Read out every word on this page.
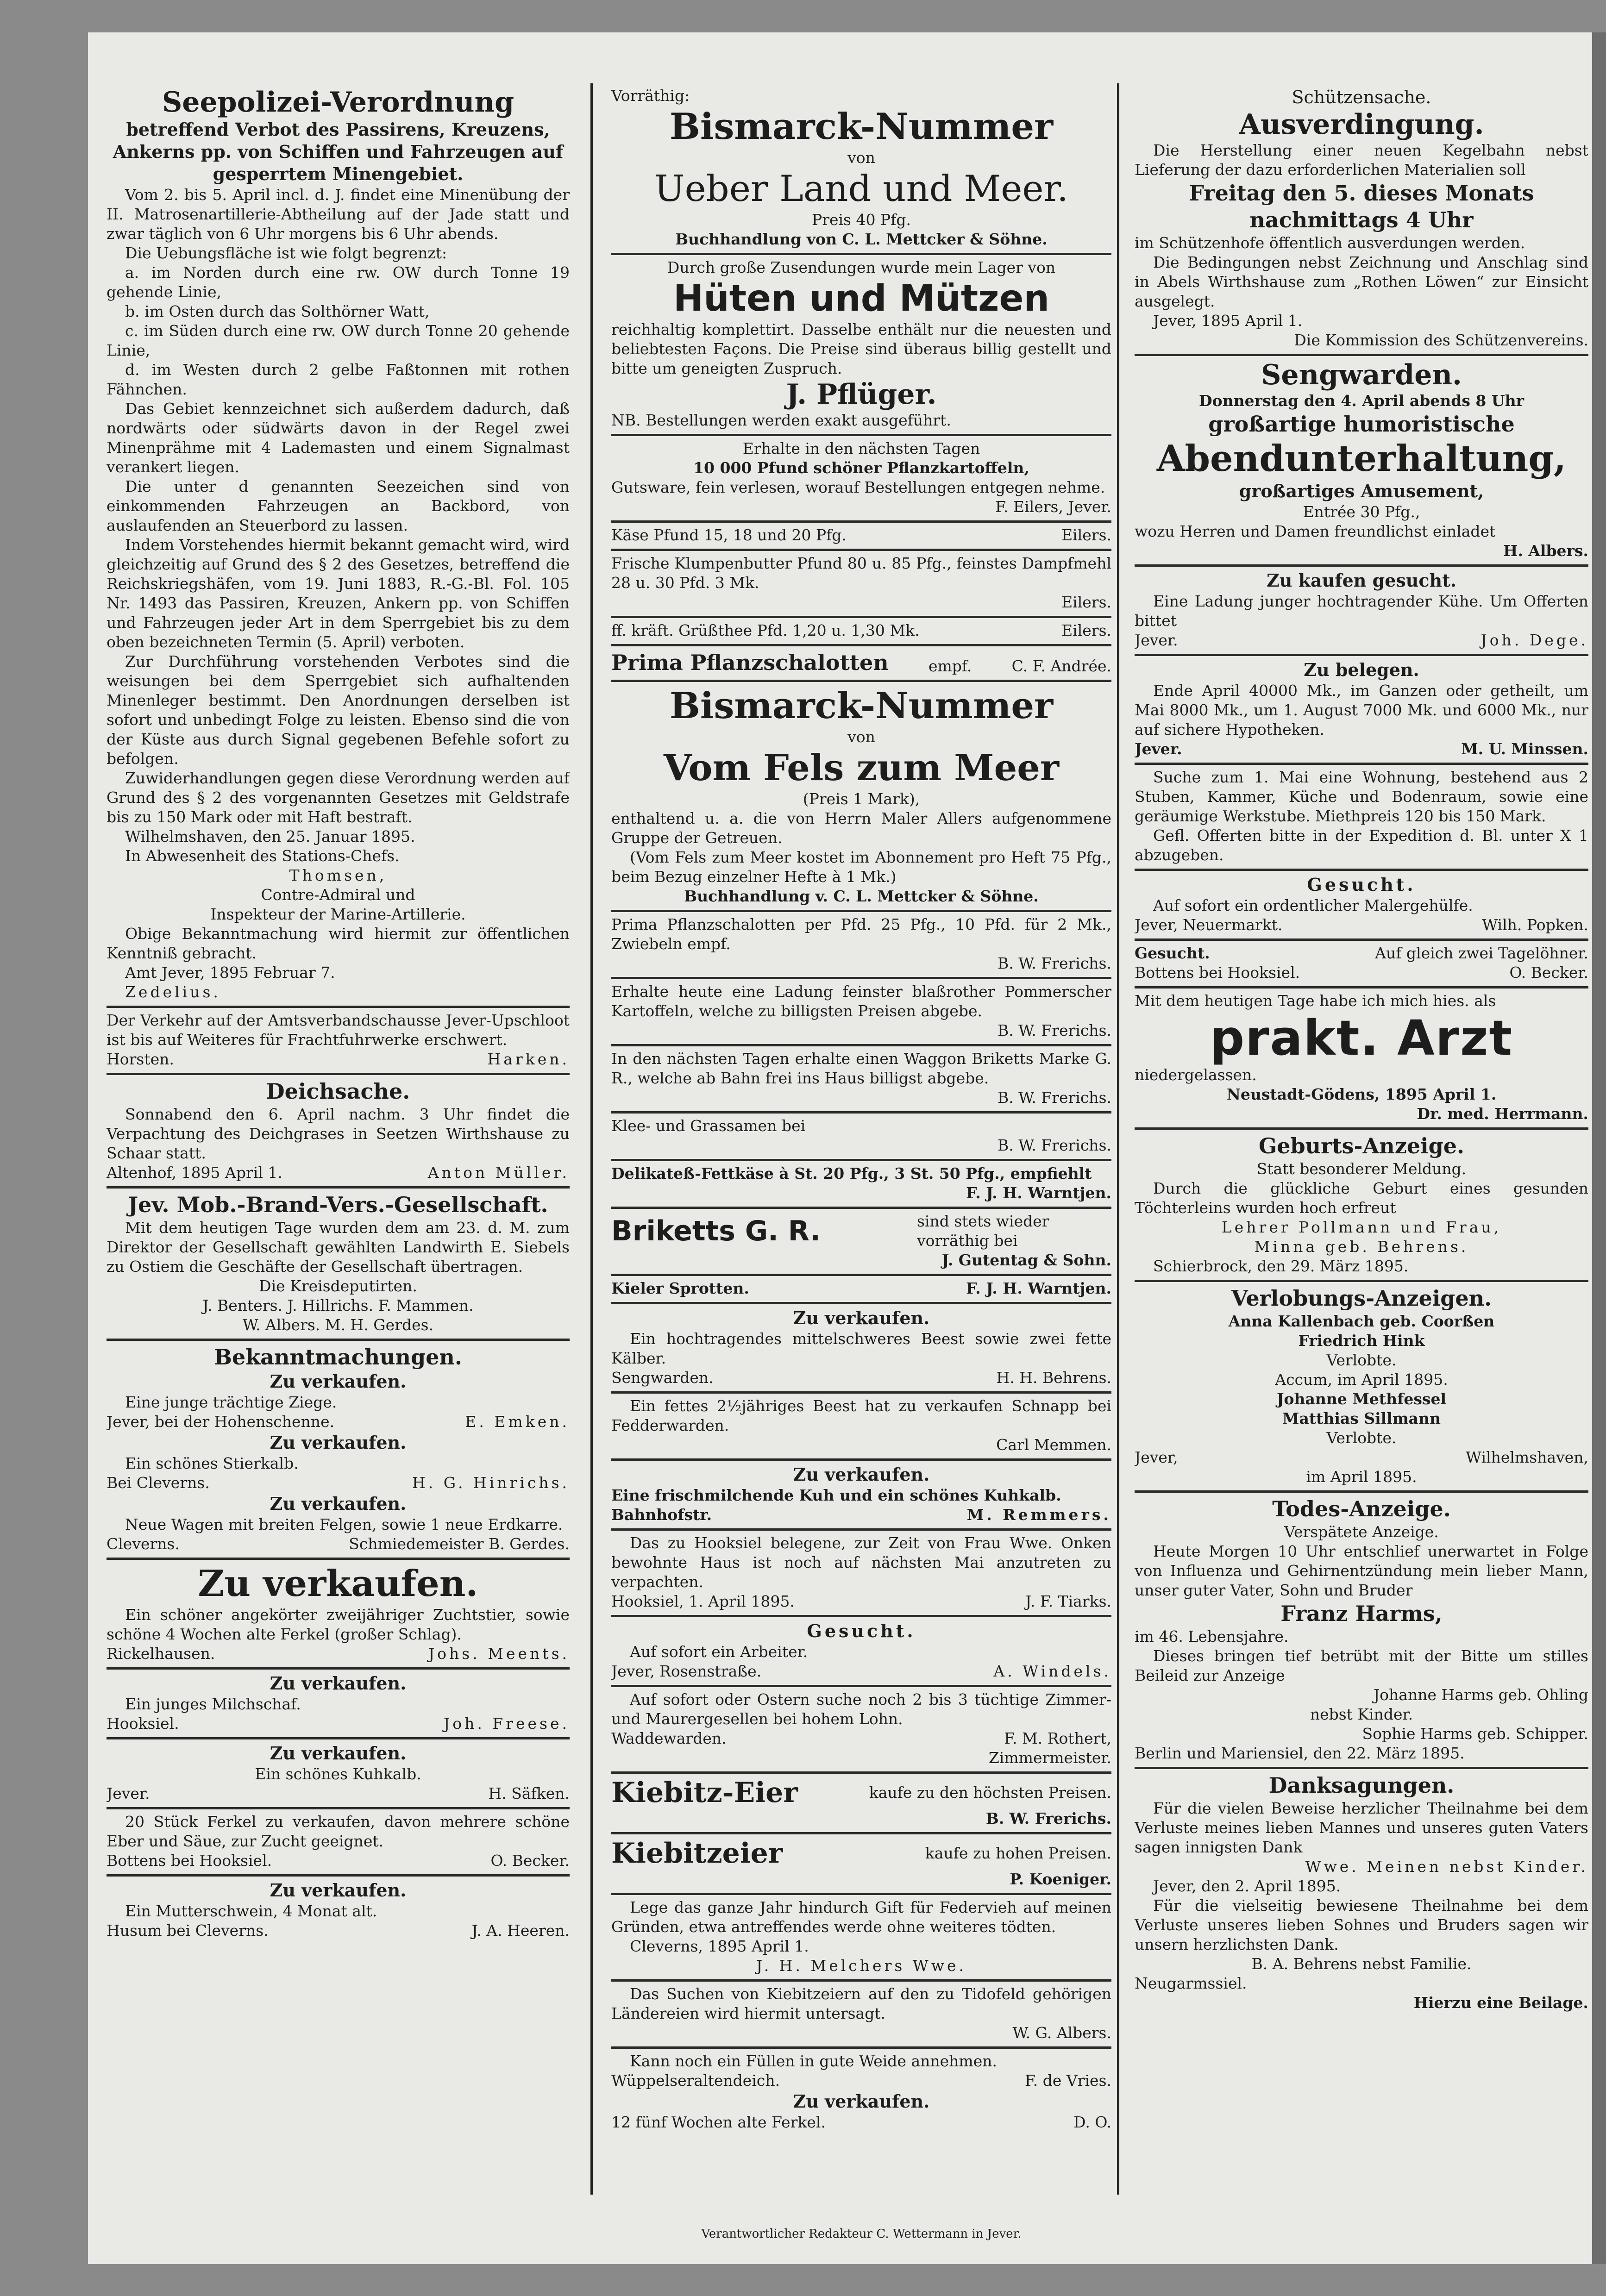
Seepolizei-Verordnung

betreffend Verbot des Passirens, Kreuzens, Ankerns pp. von Schiffen und Fahrzeugen auf gesperrtem Minengebiet.

Vom 2. bis 5. April incl. d. J. findet eine Minenübung der II. Matrosenartillerie-Abtheilung auf der Jade statt und zwar täglich von 6 Uhr morgens bis 6 Uhr abends.

Die Uebungsfläche ist wie folgt begrenzt:

a. im Norden durch eine rw. OW durch Tonne 19 gehende Linie,

b. im Osten durch das Solthörner Watt,

c. im Süden durch eine rw. OW durch Tonne 20 gehende Linie,

d. im Westen durch 2 gelbe Faßtonnen mit rothen Fähnchen.

Das Gebiet kennzeichnet sich außerdem dadurch, daß nordwärts oder südwärts davon in der Regel zwei Minenprähme mit 4 Lademasten und einem Signalmast verankert liegen.

Die unter d genannten Seezeichen sind von einkommenden Fahrzeugen an Backbord, von auslaufenden an Steuerbord zu lassen.

Indem Vorstehendes hiermit bekannt gemacht wird, wird gleichzeitig auf Grund des § 2 des Gesetzes, betreffend die Reichskriegshäfen, vom 19. Juni 1883, R.-G.-Bl. Fol. 105 Nr. 1493 das Passiren, Kreuzen, Ankern pp. von Schiffen und Fahrzeugen jeder Art in dem Sperrgebiet bis zu dem oben bezeichneten Termin (5. April) verboten.

Zur Durchführung vorstehenden Verbotes sind die weisungen bei dem Sperrgebiet sich aufhaltenden Minenleger bestimmt. Den Anordnungen derselben ist sofort und unbedingt Folge zu leisten. Ebenso sind die von der Küste aus durch Signal gegebenen Befehle sofort zu befolgen.

Zuwiderhandlungen gegen diese Verordnung werden auf Grund des § 2 des vorgenannten Gesetzes mit Geldstrafe bis zu 150 Mark oder mit Haft bestraft.

Wilhelmshaven, den 25. Januar 1895.

In Abwesenheit des Stations-Chefs.

Thomsen,

Contre-Admiral und

Inspekteur der Marine-Artillerie.

Obige Bekanntmachung wird hiermit zur öffentlichen Kenntniß gebracht.

Amt Jever, 1895 Februar 7.

Zedelius.

Der Verkehr auf der Amtsverbandschausse Jever-Upschloot ist bis auf Weiteres für Frachtfuhrwerke erschwert.

Horsten.	Harken.

Deichsache.

Sonnabend den 6. April nachm. 3 Uhr findet die Verpachtung des Deichgrases in Seetzen Wirthshause zu Schaar statt.

Altenhof, 1895 April 1.	Anton Müller.

Jev. Mob.-Brand-Vers.-Gesellschaft.

Mit dem heutigen Tage wurden dem am 23. d. M. zum Direktor der Gesellschaft gewählten Landwirth E. Siebels zu Ostiem die Geschäfte der Gesellschaft übertragen.

Die Kreisdeputirten.

J. Benters. J. Hillrichs. F. Mammen.

W. Albers. M. H. Gerdes.

Bekanntmachungen.

Zu verkaufen.

Eine junge trächtige Ziege.

Jever, bei der Hohenschenne.	E. Emken.

Zu verkaufen.

Ein schönes Stierkalb.

Bei Cleverns.	H. G. Hinrichs.

Zu verkaufen.

Neue Wagen mit breiten Felgen, sowie 1 neue Erdkarre.

Cleverns.	Schmiedemeister B. Gerdes.

Zu verkaufen.

Ein schöner angekörter zweijähriger Zuchtstier, sowie schöne 4 Wochen alte Ferkel (großer Schlag).

Rickelhausen.	Johs. Meents.

Zu verkaufen.

Ein junges Milchschaf.

Hooksiel.	Joh. Freese.

Zu verkaufen.

Ein schönes Kuhkalb.

Jever.	H. Säfken.

20 Stück Ferkel zu verkaufen, davon mehrere schöne Eber und Säue, zur Zucht geeignet.

Bottens bei Hooksiel.	O. Becker.

Zu verkaufen.

Ein Mutterschwein, 4 Monat alt.

Husum bei Cleverns.	J. A. Heeren.

Vorräthig:

Bismarck-Nummer

von

Ueber Land und Meer.

Preis 40 Pfg.

Buchhandlung von C. L. Mettcker & Söhne.

Durch große Zusendungen wurde mein Lager von

Hüten und Mützen

reichhaltig komplettirt. Dasselbe enthält nur die neuesten und beliebtesten Façons. Die Preise sind überaus billig gestellt und bitte um geneigten Zuspruch.

J. Pflüger.

NB. Bestellungen werden exakt ausgeführt.

Erhalte in den nächsten Tagen

10 000 Pfund schöner Pflanzkartoffeln,

Gutsware, fein verlesen, worauf Bestellungen entgegen nehme.

F. Eilers, Jever.

Käse Pfund 15, 18 und 20 Pfg.	Eilers.

Frische Klumpenbutter Pfund 80 u. 85 Pfg., feinstes Dampfmehl 28 u. 30 Pfd. 3 Mk.

Eilers.

ff. kräft. Grüßthee Pfd. 1,20 u. 1,30 Mk.	Eilers.
Prima Pflanzschalotten	empf.	C. F. Andrée.

Bismarck-Nummer

von

Vom Fels zum Meer

(Preis 1 Mark),

enthaltend u. a. die von Herrn Maler Allers aufgenommene Gruppe der Getreuen.

(Vom Fels zum Meer kostet im Abonnement pro Heft 75 Pfg., beim Bezug einzelner Hefte à 1 Mk.)

Buchhandlung v. C. L. Mettcker & Söhne.

Prima Pflanzschalotten per Pfd. 25 Pfg., 10 Pfd. für 2 Mk., Zwiebeln empf.

B. W. Frerichs.

Erhalte heute eine Ladung feinster blaßrother Pommerscher Kartoffeln, welche zu billigsten Preisen abgebe.

B. W. Frerichs.

In den nächsten Tagen erhalte einen Waggon Briketts Marke G. R., welche ab Bahn frei ins Haus billigst abgebe.

B. W. Frerichs.

Klee- und Grassamen bei

B. W. Frerichs.

Delikateß-Fettkäse à St. 20 Pfg., 3 St. 50 Pfg., empfiehlt

F. J. H. Warntjen.

Briketts G. R.	sind stets wieder vorräthig bei

J. Gutentag & Sohn.

Kieler Sprotten.	F. J. H. Warntjen.

Zu verkaufen.

Ein hochtragendes mittelschweres Beest sowie zwei fette Kälber.

Sengwarden.	H. H. Behrens.

Ein fettes 2½jähriges Beest hat zu verkaufen Schnapp bei Fedderwarden.

Carl Memmen.

Zu verkaufen.

Eine frischmilchende Kuh und ein schönes Kuhkalb.

Bahnhofstr.	M. Remmers.

Das zu Hooksiel belegene, zur Zeit von Frau Wwe. Onken bewohnte Haus ist noch auf nächsten Mai anzutreten zu verpachten.

Hooksiel, 1. April 1895.	J. F. Tiarks.

Gesucht.

Auf sofort ein Arbeiter.

Jever, Rosenstraße.	A. Windels.

Auf sofort oder Ostern suche noch 2 bis 3 tüchtige Zimmer- und Maurergesellen bei hohem Lohn.

Waddewarden.	F. M. Rothert,

Zimmermeister.

Kiebitz-Eier	kaufe zu den höchsten Preisen.

B. W. Frerichs.

Kiebitzeier	kaufe zu hohen Preisen.

P. Koeniger.

Lege das ganze Jahr hindurch Gift für Federvieh auf meinen Gründen, etwa antreffendes werde ohne weiteres tödten.

Cleverns, 1895 April 1.

J. H. Melchers Wwe.

Das Suchen von Kiebitzeiern auf den zu Tidofeld gehörigen Ländereien wird hiermit untersagt.

W. G. Albers.

Kann noch ein Füllen in gute Weide annehmen.

Wüppelseraltendeich.	F. de Vries.

Zu verkaufen.

12 fünf Wochen alte Ferkel.	D. O.

Schützensache.

Ausverdingung.

Die Herstellung einer neuen Kegelbahn nebst Lieferung der dazu erforderlichen Materialien soll

Freitag den 5. dieses Monats

nachmittags 4 Uhr

im Schützenhofe öffentlich ausverdungen werden.

Die Bedingungen nebst Zeichnung und Anschlag sind in Abels Wirthshause zum „Rothen Löwen“ zur Einsicht ausgelegt.

Jever, 1895 April 1.

Die Kommission des Schützenvereins.

Sengwarden.

Donnerstag den 4. April abends 8 Uhr

großartige humoristische

Abendunterhaltung,

großartiges Amusement,

Entrée 30 Pfg.,

wozu Herren und Damen freundlichst einladet

H. Albers.

Zu kaufen gesucht.

Eine Ladung junger hochtragender Kühe. Um Offerten bittet

Jever.	Joh. Dege.

Zu belegen.

Ende April 40000 Mk., im Ganzen oder getheilt, um Mai 8000 Mk., um 1. August 7000 Mk. und 6000 Mk., nur auf sichere Hypotheken.

Jever.	M. U. Minssen.

Suche zum 1. Mai eine Wohnung, bestehend aus 2 Stuben, Kammer, Küche und Bodenraum, sowie eine geräumige Werkstube. Miethpreis 120 bis 150 Mark.

Gefl. Offerten bitte in der Expedition d. Bl. unter X 1 abzugeben.

Gesucht.

Auf sofort ein ordentlicher Malergehülfe.

Jever, Neuermarkt.	Wilh. Popken.
Gesucht.	Auf gleich zwei Tagelöhner.
Bottens bei Hooksiel.	O. Becker.

Mit dem heutigen Tage habe ich mich hies. als

prakt. Arzt

niedergelassen.

Neustadt-Gödens, 1895 April 1.

Dr. med. Herrmann.

Geburts-Anzeige.

Statt besonderer Meldung.

Durch die glückliche Geburt eines gesunden Töchterleins wurden hoch erfreut

Lehrer Pollmann und Frau,

Minna geb. Behrens.

Schierbrock, den 29. März 1895.

Verlobungs-Anzeigen.

Anna Kallenbach geb. Coorßen

Friedrich Hink

Verlobte.

Accum, im April 1895.

Johanne Methfessel

Matthias Sillmann

Verlobte.

Jever,	Wilhelmshaven,

im April 1895.

Todes-Anzeige.

Verspätete Anzeige.

Heute Morgen 10 Uhr entschlief unerwartet in Folge von Influenza und Gehirnentzündung mein lieber Mann, unser guter Vater, Sohn und Bruder

Franz Harms,

im 46. Lebensjahre.

Dieses bringen tief betrübt mit der Bitte um stilles Beileid zur Anzeige

Johanne Harms geb. Ohling

nebst Kinder.

Sophie Harms geb. Schipper.

Berlin und Mariensiel, den 22. März 1895.

Danksagungen.

Für die vielen Beweise herzlicher Theilnahme bei dem Verluste meines lieben Mannes und unseres guten Vaters sagen innigsten Dank

Wwe. Meinen nebst Kinder.

Jever, den 2. April 1895.

Für die vielseitig bewiesene Theilnahme bei dem Verluste unseres lieben Sohnes und Bruders sagen wir unsern herzlichsten Dank.

B. A. Behrens nebst Familie.

Neugarmssiel.

Hierzu eine Beilage.

Verantwortlicher Redakteur C. Wettermann in Jever.
